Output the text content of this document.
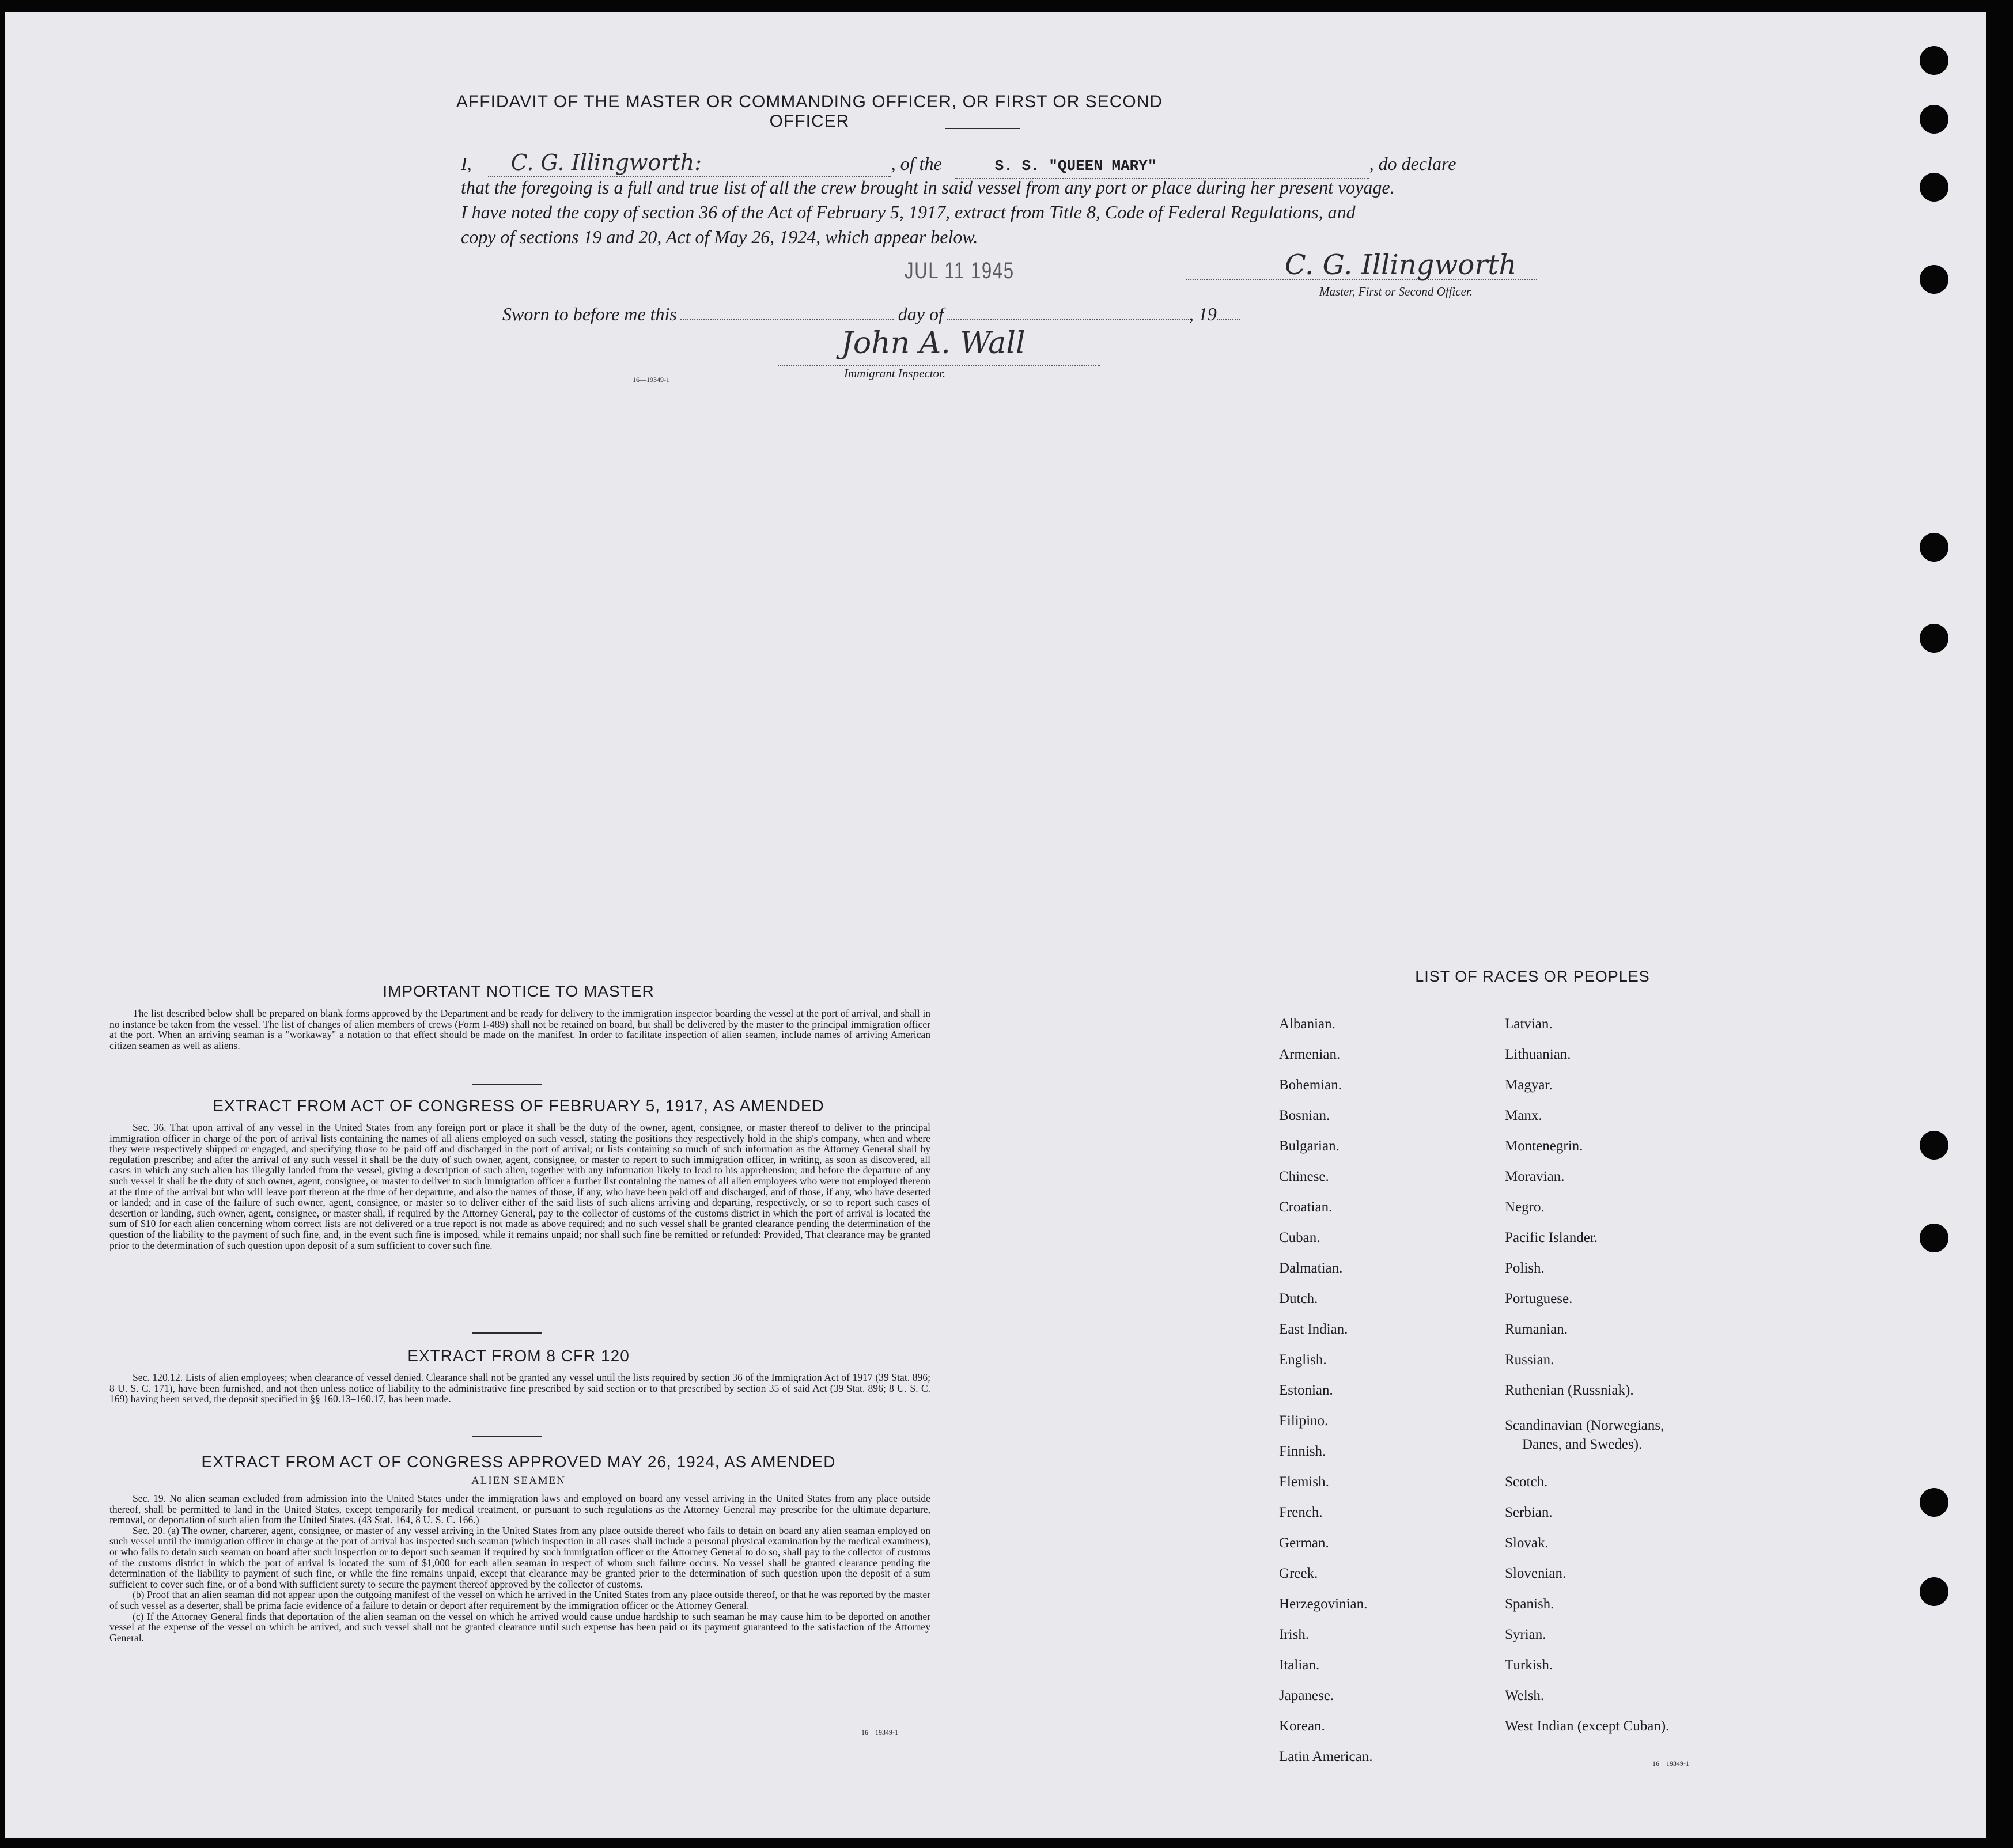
AFFIDAVIT OF THE MASTER OR COMMANDING OFFICER, OR FIRST OR SECOND OFFICER
I, C. G. Illingworth:	, of the	S. S. "QUEEN MARY"	, do declare
that the foregoing is a full and true list of all the crew brought in said vessel from any port or place during her present voyage.
I have noted the copy of section 36 of the Act of February 5, 1917, extract from Title 8, Code of Federal Regulations, and
copy of sections 19 and 20, Act of May 26, 1924, which appear below.
JUL 11 1945	C. G. Illingworth
Master, First or Second Officer.
Sworn to before me this	day of	, 19
John A. Wall
16—19349-1	Immigrant Inspector.
IMPORTANT NOTICE TO MASTER

The list described below shall be prepared on blank forms approved by the Department and be ready for delivery to the immigration inspector boarding the vessel at the port of arrival, and shall in no instance be taken from the vessel. The list of changes of alien members of crews (Form I-489) shall not be retained on board, but shall be delivered by the master to the principal immigration officer at the port. When an arriving seaman is a "workaway" a notation to that effect should be made on the manifest. In order to facilitate inspection of alien seamen, include names of arriving American citizen seamen as well as aliens.

EXTRACT FROM ACT OF CONGRESS OF FEBRUARY 5, 1917, AS AMENDED

Sec. 36. That upon arrival of any vessel in the United States from any foreign port or place it shall be the duty of the owner, agent, consignee, or master thereof to deliver to the principal immigration officer in charge of the port of arrival lists containing the names of all aliens employed on such vessel, stating the positions they respectively hold in the ship's company, when and where they were respectively shipped or engaged, and specifying those to be paid off and discharged in the port of arrival; or lists containing so much of such information as the Attorney General shall by regulation prescribe; and after the arrival of any such vessel it shall be the duty of such owner, agent, consignee, or master to report to such immigration officer, in writing, as soon as discovered, all cases in which any such alien has illegally landed from the vessel, giving a description of such alien, together with any information likely to lead to his apprehension; and before the departure of any such vessel it shall be the duty of such owner, agent, consignee, or master to deliver to such immigration officer a further list containing the names of all alien employees who were not employed thereon at the time of the arrival but who will leave port thereon at the time of her departure, and also the names of those, if any, who have been paid off and discharged, and of those, if any, who have deserted or landed; and in case of the failure of such owner, agent, consignee, or master so to deliver either of the said lists of such aliens arriving and departing, respectively, or so to report such cases of desertion or landing, such owner, agent, consignee, or master shall, if required by the Attorney General, pay to the collector of customs of the customs district in which the port of arrival is located the sum of $10 for each alien concerning whom correct lists are not delivered or a true report is not made as above required; and no such vessel shall be granted clearance pending the determination of the question of the liability to the payment of such fine, and, in the event such fine is imposed, while it remains unpaid; nor shall such fine be remitted or refunded: Provided, That clearance may be granted prior to the determination of such question upon deposit of a sum sufficient to cover such fine.

EXTRACT FROM 8 CFR 120

Sec. 120.12. Lists of alien employees; when clearance of vessel denied. Clearance shall not be granted any vessel until the lists required by section 36 of the Immigration Act of 1917 (39 Stat. 896; 8 U. S. C. 171), have been furnished, and not then unless notice of liability to the administrative fine prescribed by said section or to that prescribed by section 35 of said Act (39 Stat. 896; 8 U. S. C. 169) having been served, the deposit specified in §§ 160.13–160.17, has been made.

EXTRACT FROM ACT OF CONGRESS APPROVED MAY 26, 1924, AS AMENDED
ALIEN SEAMEN

Sec. 19. No alien seaman excluded from admission into the United States under the immigration laws and employed on board any vessel arriving in the United States from any place outside thereof, shall be permitted to land in the United States, except temporarily for medical treatment, or pursuant to such regulations as the Attorney General may prescribe for the ultimate departure, removal, or deportation of such alien from the United States. (43 Stat. 164, 8 U. S. C. 166.)

Sec. 20. (a) The owner, charterer, agent, consignee, or master of any vessel arriving in the United States from any place outside thereof who fails to detain on board any alien seaman employed on such vessel until the immigration officer in charge at the port of arrival has inspected such seaman (which inspection in all cases shall include a personal physical examination by the medical examiners), or who fails to detain such seaman on board after such inspection or to deport such seaman if required by such immigration officer or the Attorney General to do so, shall pay to the collector of customs of the customs district in which the port of arrival is located the sum of $1,000 for each alien seaman in respect of whom such failure occurs. No vessel shall be granted clearance pending the determination of the liability to payment of such fine, or while the fine remains unpaid, except that clearance may be granted prior to the determination of such question upon the deposit of a sum sufficient to cover such fine, or of a bond with sufficient surety to secure the payment thereof approved by the collector of customs.

(b) Proof that an alien seaman did not appear upon the outgoing manifest of the vessel on which he arrived in the United States from any place outside thereof, or that he was reported by the master of such vessel as a deserter, shall be prima facie evidence of a failure to detain or deport after requirement by the immigration officer or the Attorney General.

(c) If the Attorney General finds that deportation of the alien seaman on the vessel on which he arrived would cause undue hardship to such seaman he may cause him to be deported on another vessel at the expense of the vessel on which he arrived, and such vessel shall not be granted clearance until such expense has been paid or its payment guaranteed to the satisfaction of the Attorney General.

16—19349-1
LIST OF RACES OR PEOPLES
Albanian.
Armenian.
Bohemian.
Bosnian.
Bulgarian.
Chinese.
Croatian.
Cuban.
Dalmatian.
Dutch.
East Indian.
English.
Estonian.
Filipino.
Finnish.
Flemish.
French.
German.
Greek.
Herzegovinian.
Irish.
Italian.
Japanese.
Korean.
Latin American.
Latvian.
Lithuanian.
Magyar.
Manx.
Montenegrin.
Moravian.
Negro.
Pacific Islander.
Polish.
Portuguese.
Rumanian.
Russian.
Ruthenian (Russniak).
Scandinavian (Norwegians,
Danes, and Swedes).
Scotch.
Serbian.
Slovak.
Slovenian.
Spanish.
Syrian.
Turkish.
Welsh.
West Indian (except Cuban).
16—19349-1
